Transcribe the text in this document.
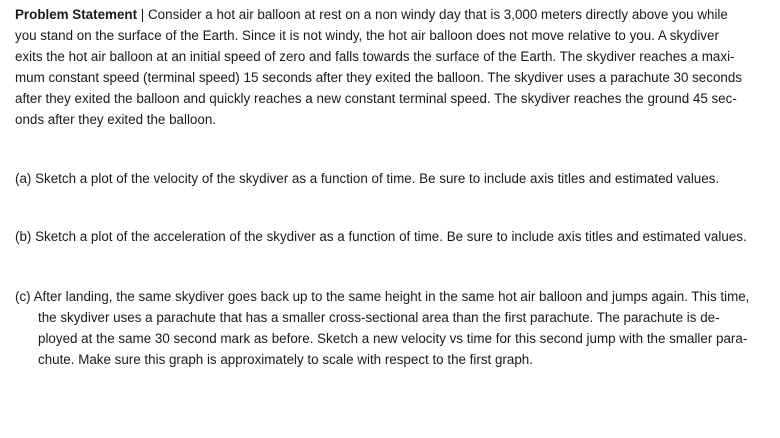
Problem Statement | Consider a hot air balloon at rest on a non windy day that is 3,000 meters directly above you while
you stand on the surface of the Earth. Since it is not windy, the hot air balloon does not move relative to you. A skydiver
exits the hot air balloon at an initial speed of zero and falls towards the surface of the Earth. The skydiver reaches a maxi-
mum constant speed (terminal speed) 15 seconds after they exited the balloon. The skydiver uses a parachute 30 seconds
after they exited the balloon and quickly reaches a new constant terminal speed. The skydiver reaches the ground 45 sec-
onds after they exited the balloon.
(a) Sketch a plot of the velocity of the skydiver as a function of time. Be sure to include axis titles and estimated values.
(b) Sketch a plot of the acceleration of the skydiver as a function of time. Be sure to include axis titles and estimated values.
(c) After landing, the same skydiver goes back up to the same height in the same hot air balloon and jumps again. This time,
the skydiver uses a parachute that has a smaller cross-sectional area than the first parachute. The parachute is de-
ployed at the same 30 second mark as before. Sketch a new velocity vs time for this second jump with the smaller para-
chute. Make sure this graph is approximately to scale with respect to the first graph.
